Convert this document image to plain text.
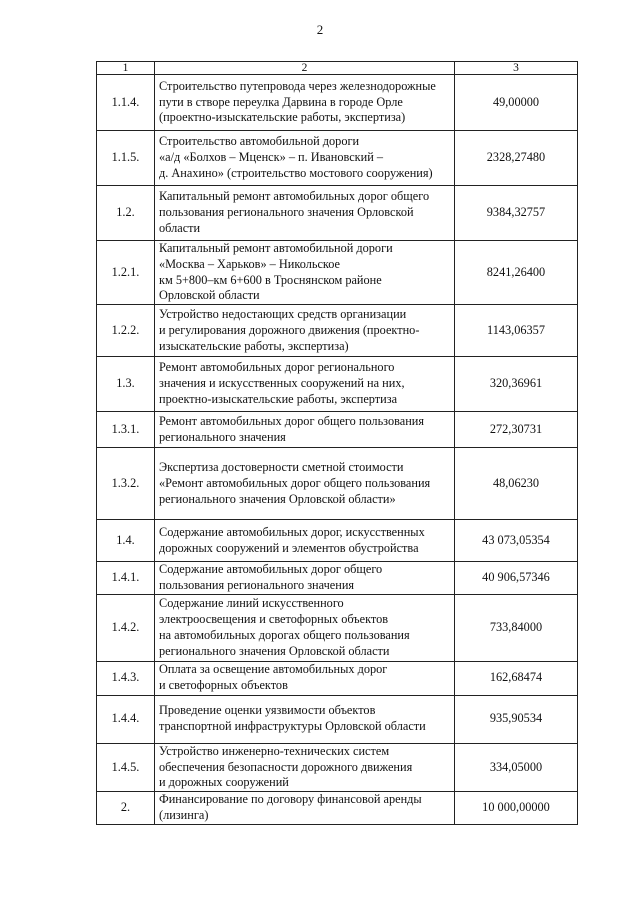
2
1	2	3
1.1.4.	Строительство путепровода через железнодорожные
пути в створе переулка Дарвина в городе Орле
(проектно-изыскательские работы, экспертиза)	49,00000
1.1.5.	Строительство автомобильной дороги
«а/д «Болхов – Мценск» – п. Ивановский –
д. Анахино» (строительство мостового сооружения)	2328,27480
1.2.	Капитальный ремонт автомобильных дорог общего
пользования регионального значения Орловской
области	9384,32757
1.2.1.	Капитальный ремонт автомобильной дороги
«Москва – Харьков» – Никольское
км 5+800–км 6+600 в Троснянском районе
Орловской области	8241,26400
1.2.2.	Устройство недостающих средств организации
и регулирования дорожного движения (проектно-
изыскательские работы, экспертиза)	1143,06357
1.3.	Ремонт автомобильных дорог регионального
значения и искусственных сооружений на них,
проектно-изыскательские работы, экспертиза	320,36961
1.3.1.	Ремонт автомобильных дорог общего пользования
регионального значения	272,30731
1.3.2.	Экспертиза достоверности сметной стоимости
«Ремонт автомобильных дорог общего пользования
регионального значения Орловской области»	48,06230
1.4.	Содержание автомобильных дорог, искусственных
дорожных сооружений и элементов обустройства	43 073,05354
1.4.1.	Содержание автомобильных дорог общего
пользования регионального значения	40 906,57346
1.4.2.	Содержание линий искусственного
электроосвещения и светофорных объектов
на автомобильных дорогах общего пользования
регионального значения Орловской области	733,84000
1.4.3.	Оплата за освещение автомобильных дорог
и светофорных объектов	162,68474
1.4.4.	Проведение оценки уязвимости объектов
транспортной инфраструктуры Орловской области	935,90534
1.4.5.	Устройство инженерно-технических систем
обеспечения безопасности дорожного движения
и дорожных сооружений	334,05000
2.	Финансирование по договору финансовой аренды
(лизинга)	10 000,00000
